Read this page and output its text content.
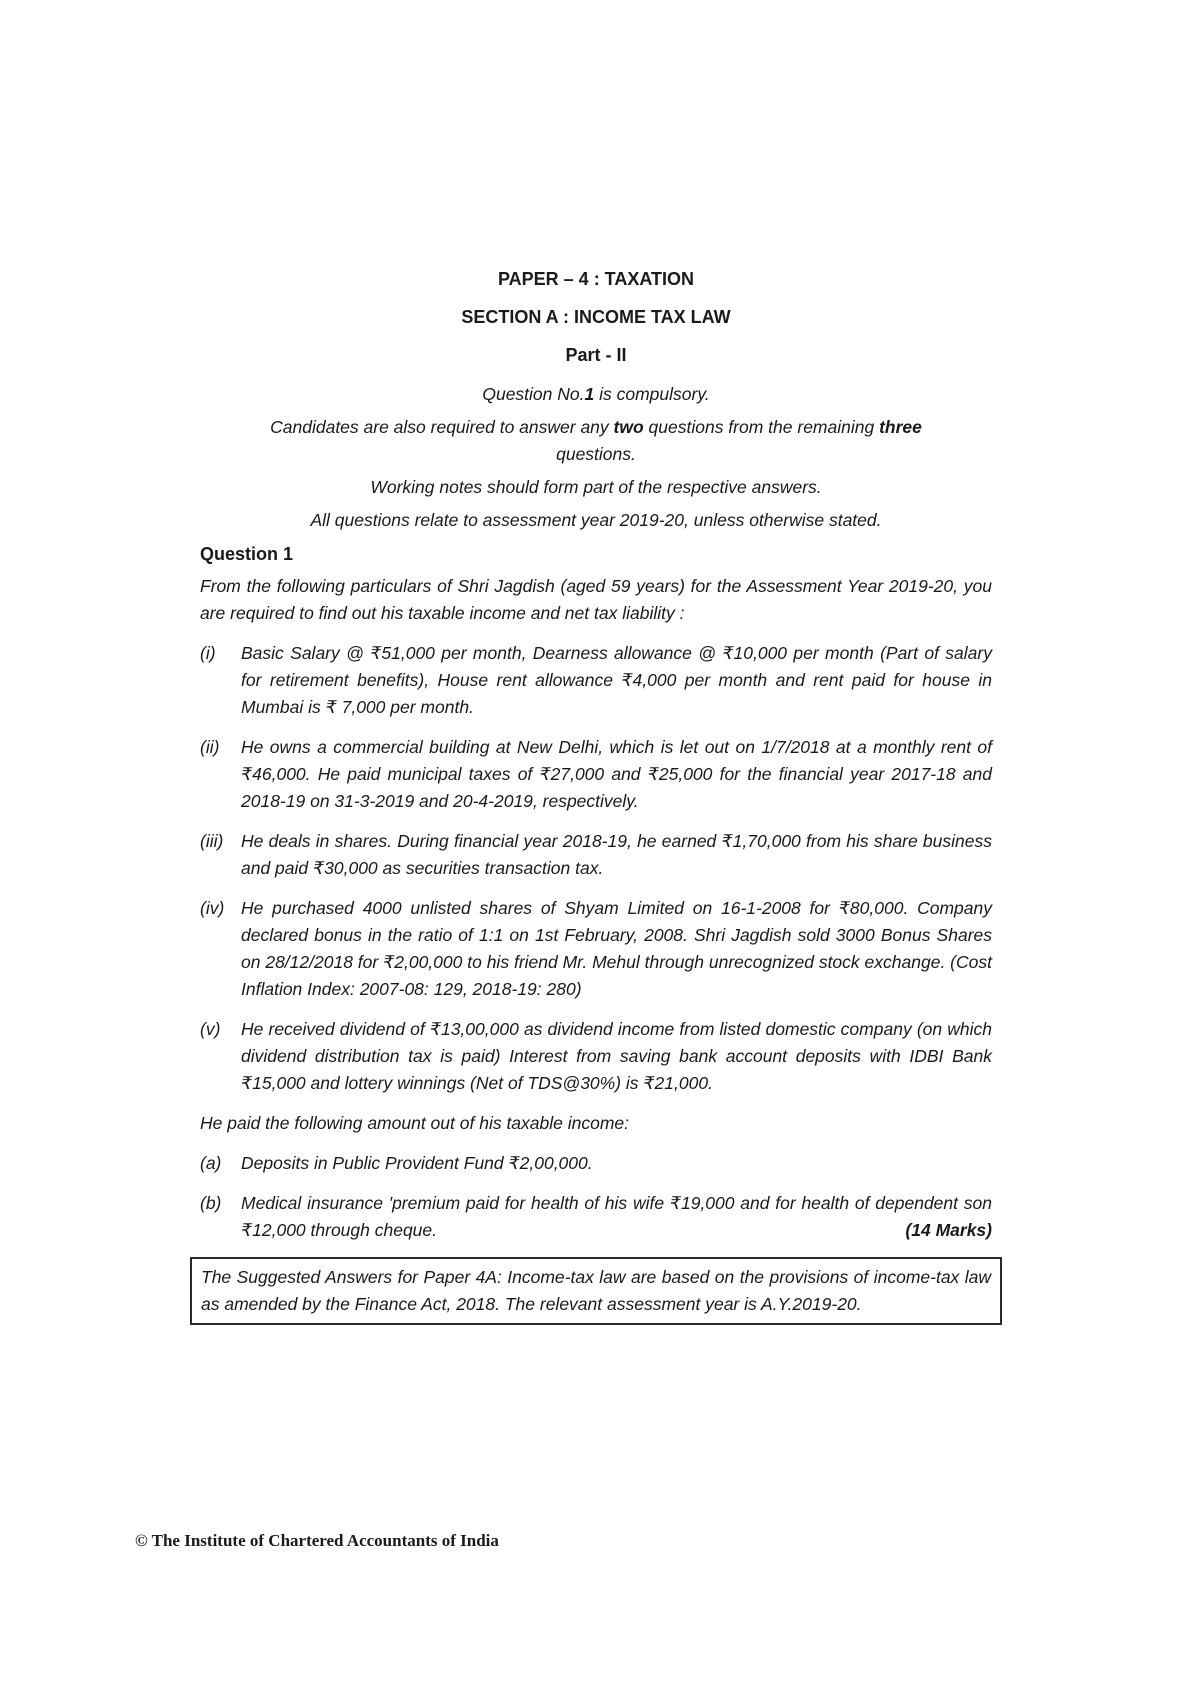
PAPER – 4 : TAXATION
SECTION A : INCOME TAX LAW
Part - II

Question No.1 is compulsory.

Candidates are also required to answer any two questions from the remaining three questions.

Working notes should form part of the respective answers.

All questions relate to assessment year 2019-20, unless otherwise stated.

Question 1

From the following particulars of Shri Jagdish (aged 59 years) for the Assessment Year 2019-20, you are required to find out his taxable income and net tax liability :

(i)	Basic Salary @ ₹51,000 per month, Dearness allowance @ ₹10,000 per month (Part of salary for retirement benefits), House rent allowance ₹4,000 per month and rent paid for house in Mumbai is ₹ 7,000 per month.

(ii)	He owns a commercial building at New Delhi, which is let out on 1/7/2018 at a monthly rent of ₹46,000. He paid municipal taxes of ₹27,000 and ₹25,000 for the financial year 2017-18 and 2018-19 on 31-3-2019 and 20-4-2019, respectively.

(iii)	He deals in shares. During financial year 2018-19, he earned ₹1,70,000 from his share business and paid ₹30,000 as securities transaction tax.

(iv) He purchased 4000 unlisted shares of Shyam Limited on 16-1-2008 for ₹80,000. Company declared bonus in the ratio of 1:1 on 1st February, 2008. Shri Jagdish sold 3000 Bonus Shares on 28/12/2018 for ₹2,00,000 to his friend Mr. Mehul through unrecognized stock exchange. (Cost Inflation Index: 2007-08: 129, 2018-19: 280)

(v)	He received dividend of ₹13,00,000 as dividend income from listed domestic company (on which dividend distribution tax is paid) Interest from saving bank account deposits with IDBI Bank ₹15,000 and lottery winnings (Net of TDS@30%) is ₹21,000.

He paid the following amount out of his taxable income:

(a)	Deposits in Public Provident Fund ₹2,00,000.

(b)	Medical insurance 'premium paid for health of his wife ₹19,000 and for health of dependent son ₹12,000 through cheque.	(14 Marks)

The Suggested Answers for Paper 4A: Income-tax law are based on the provisions of income-tax law as amended by the Finance Act, 2018. The relevant assessment year is A.Y.2019-20.

© The Institute of Chartered Accountants of India
